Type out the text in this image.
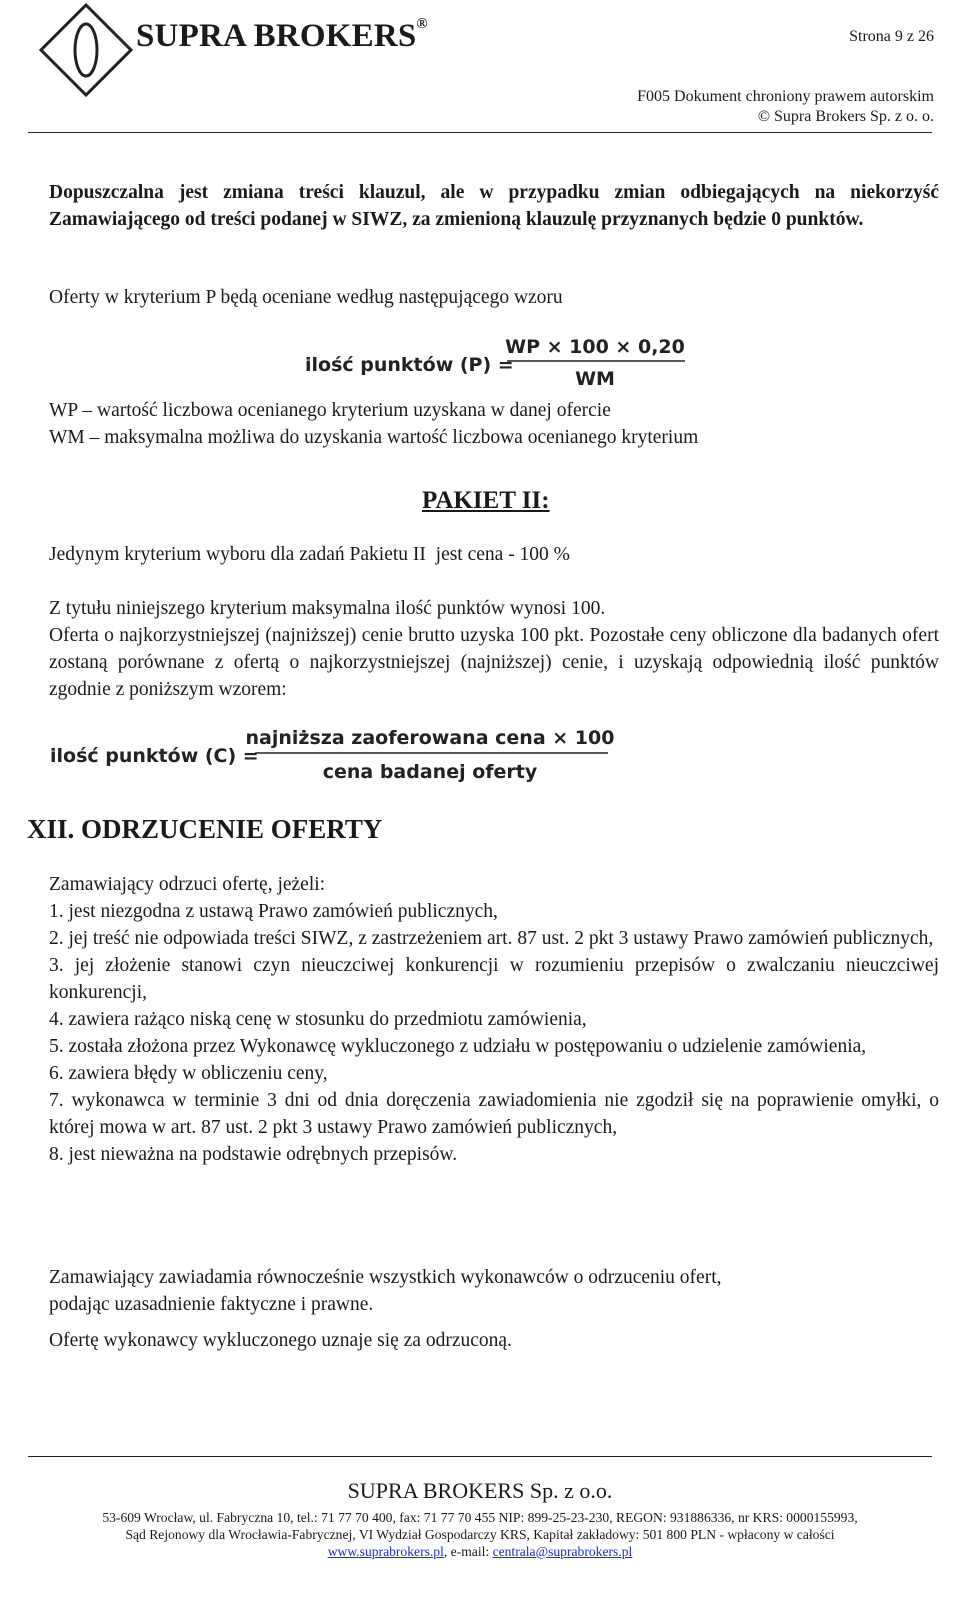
SUPRA BROKERS®
Strona 9 z 26
F005 Dokument chroniony prawem autorskim
© Supra Brokers Sp. z o. o.
Dopuszczalna jest zmiana treści klauzul, ale w przypadku zmian odbiegających na niekorzyść Zamawiającego od treści podanej w SIWZ, za zmienioną klauzulę przyznanych będzie 0 punktów.
Oferty w kryterium P będą oceniane według następującego wzoru
ilość punktów (P) =
WP × 100 × 0,20
WM
WP – wartość liczbowa ocenianego kryterium uzyskana w danej ofercie
WM – maksymalna możliwa do uzyskania wartość liczbowa ocenianego kryterium
PAKIET II:
Jedynym kryterium wyboru dla zadań Pakietu II  jest cena - 100 %
Z tytułu niniejszego kryterium maksymalna ilość punktów wynosi 100.
Oferta o najkorzystniejszej (najniższej) cenie brutto uzyska 100 pkt. Pozostałe ceny obliczone dla badanych ofert zostaną porównane z ofertą o najkorzystniejszej (najniższej) cenie, i uzyskają odpowiednią ilość punktów zgodnie z poniższym wzorem:
ilość punktów (C) =
najniższa zaoferowana cena × 100
cena badanej oferty
XII. ODRZUCENIE OFERTY
Zamawiający odrzuci ofertę, jeżeli:
1. jest niezgodna z ustawą Prawo zamówień publicznych,
2. jej treść nie odpowiada treści SIWZ, z zastrzeżeniem art. 87 ust. 2 pkt 3 ustawy Prawo zamówień publicznych,
3. jej złożenie stanowi czyn nieuczciwej konkurencji w rozumieniu przepisów o zwalczaniu nieuczciwej konkurencji,
4. zawiera rażąco niską cenę w stosunku do przedmiotu zamówienia,
5. została złożona przez Wykonawcę wykluczonego z udziału w postępowaniu o udzielenie zamówienia,
6. zawiera błędy w obliczeniu ceny,
7. wykonawca w terminie 3 dni od dnia doręczenia zawiadomienia nie zgodził się na poprawienie omyłki, o której mowa w art. 87 ust. 2 pkt 3 ustawy Prawo zamówień publicznych,
8. jest nieważna na podstawie odrębnych przepisów.
Zamawiający zawiadamia równocześnie wszystkich wykonawców o odrzuceniu ofert,
podając uzasadnienie faktyczne i prawne.
Ofertę wykonawcy wykluczonego uznaje się za odrzuconą.
SUPRA BROKERS Sp. z o.o.
53-609 Wrocław, ul. Fabryczna 10, tel.: 71 77 70 400, fax: 71 77 70 455 NIP: 899-25-23-230, REGON: 931886336, nr KRS: 0000155993,
Sąd Rejonowy dla Wrocławia-Fabrycznej, VI Wydział Gospodarczy KRS, Kapitał zakładowy: 501 800 PLN - wpłacony w całości
www.suprabrokers.pl, e-mail: centrala@suprabrokers.pl
